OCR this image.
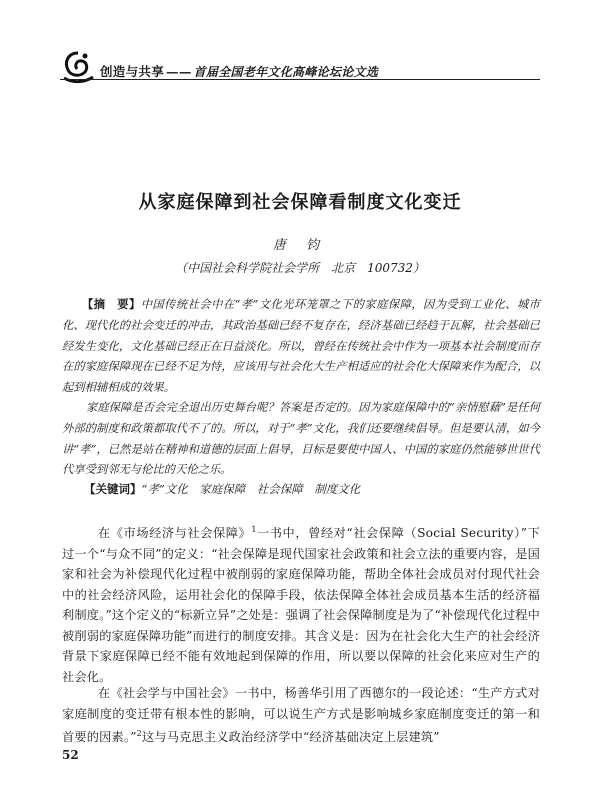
创造与共享 —— 首届全国老年文化高峰论坛论文选
从家庭保障到社会保障看制度文化变迁
唐 钧
（中国社会科学院社会学所　北京　100732）
【摘　要】中国传统社会中在“孝”文化光环笼罩之下的家庭保障，因为受到工业化、城市化、现代化的社会变迁的冲击，其政治基础已经不复存在，经济基础已经趋于瓦解，社会基础已经发生变化，文化基础已经正在日益淡化。所以，曾经在传统社会中作为一项基本社会制度而存在的家庭保障现在已经不足为恃，应该用与社会化大生产相适应的社会化大保障来作为配合，以起到相辅相成的效果。
家庭保障是否会完全退出历史舞台呢？答案是否定的。因为家庭保障中的“亲情慰藉”是任何外部的制度和政策都取代不了的。所以，对于“孝”文化，我们还要继续倡导。但是要认清，如今讲“孝”，已然是站在精神和道德的层面上倡导，目标是要使中国人、中国的家庭仍然能够世世代代享受到邻无与伦比的天伦之乐。
【关键词】“孝”文化　家庭保障　社会保障　制度文化
在《市场经济与社会保障》$^1$一书中，曾经对“社会保障（Social Security）”下过一个“与众不同”的定义：“社会保障是现代国家社会政策和社会立法的重要内容，是国家和社会为补偿现代化过程中被削弱的家庭保障功能，帮助全体社会成员对付现代社会中的社会经济风险，运用社会化的保障手段，依法保障全体社会成员基本生活的经济福利制度。”这个定义的“标新立异”之处是：强调了社会保障制度是为了“补偿现代化过程中被削弱的家庭保障功能”而进行的制度安排。其含义是：因为在社会化大生产的社会经济背景下家庭保障已经不能有效地起到保障的作用，所以要以保障的社会化来应对生产的社会化。
在《社会学与中国社会》一书中，杨善华引用了西德尔的一段论述：“生产方式对家庭制度的变迁带有根本性的影响，可以说生产方式是影响城乡家庭制度变迁的第一和首要的因素。”$^2$这与马克思主义政治经济学中“经济基础决定上层建筑”
52
